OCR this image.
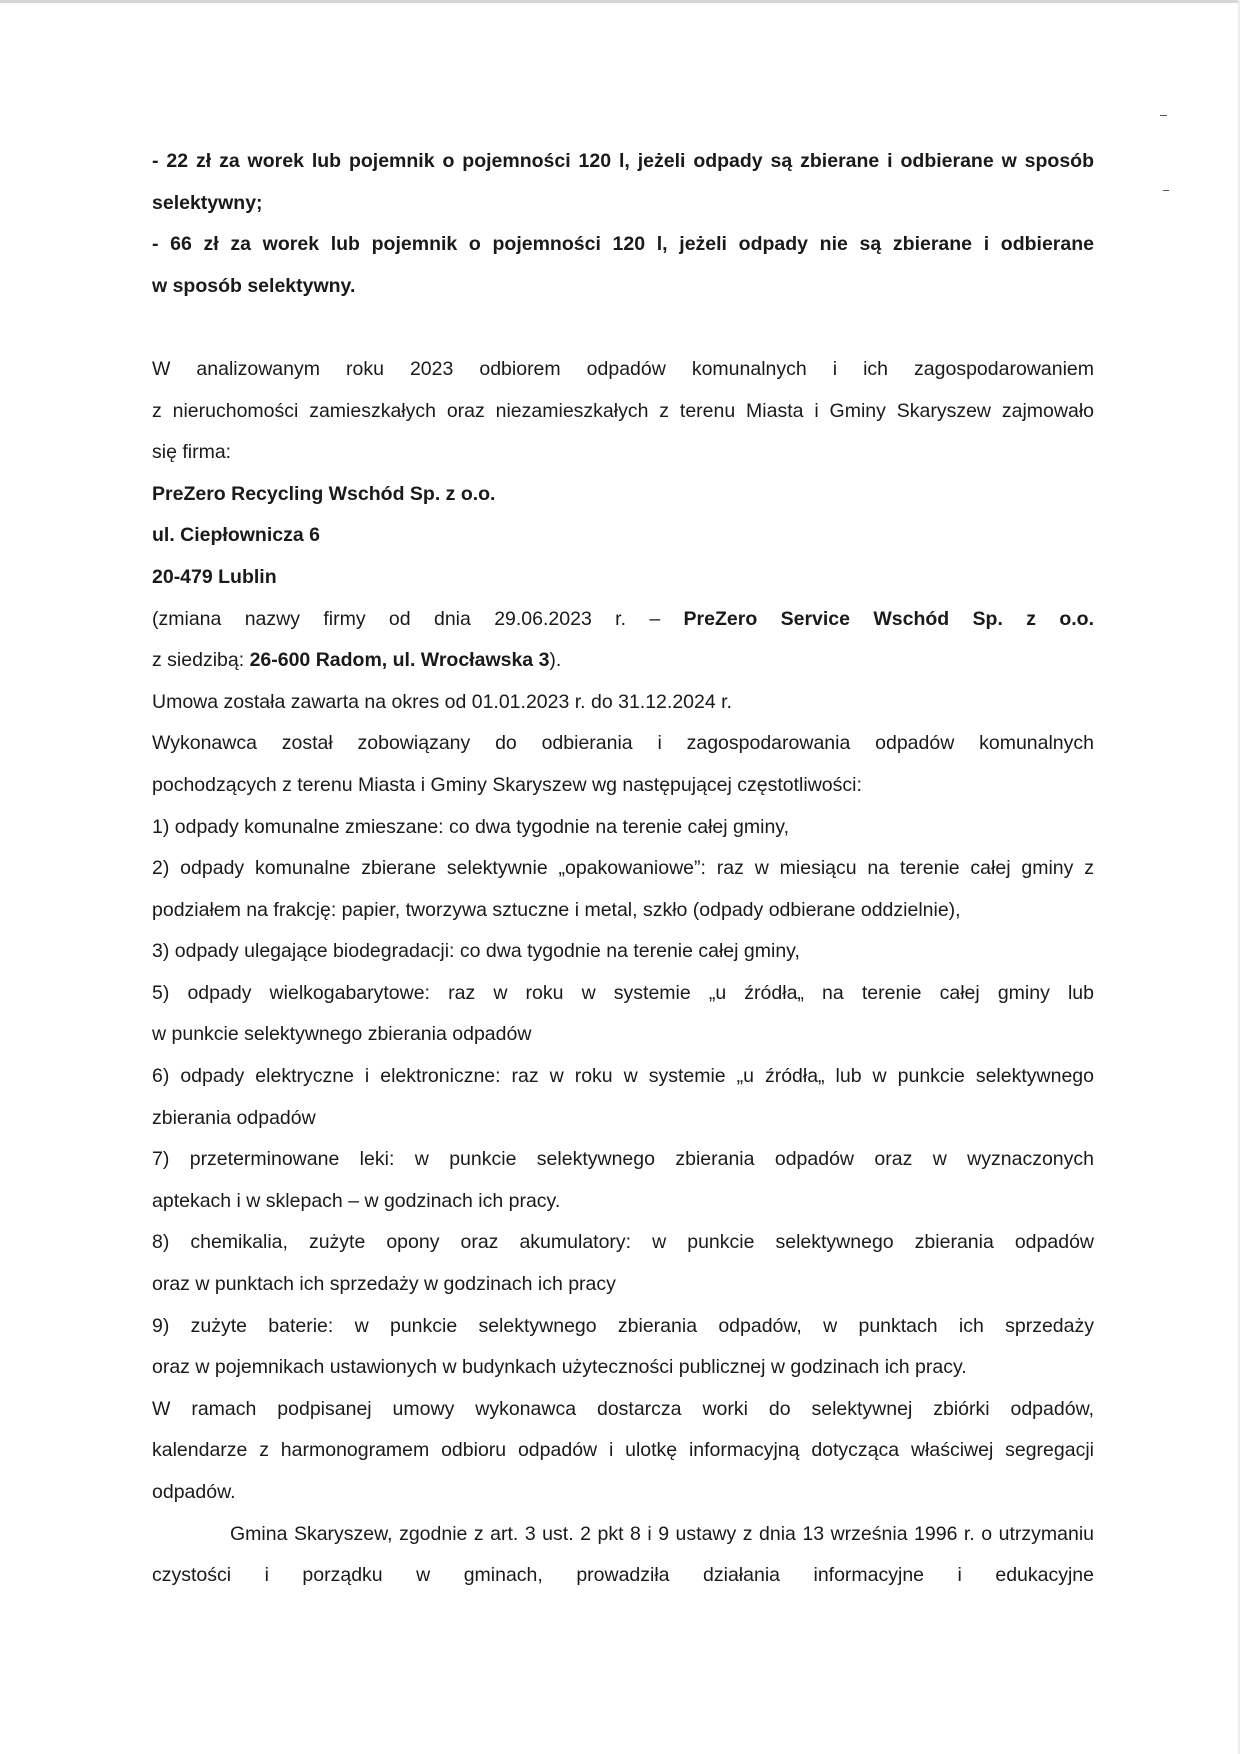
- 22 zł za worek lub pojemnik o pojemności 120 l, jeżeli odpady są zbierane i odbierane w sposób
selektywny;
- 66 zł za worek lub pojemnik o pojemności 120 l, jeżeli odpady nie są zbierane i odbierane
w sposób selektywny.
W analizowanym roku 2023 odbiorem odpadów komunalnych i ich zagospodarowaniem
z nieruchomości zamieszkałych oraz niezamieszkałych z terenu Miasta i Gminy Skaryszew zajmowało
się firma:
PreZero Recycling Wschód Sp. z o.o.
ul. Ciepłownicza 6
20-479 Lublin
(zmiana nazwy firmy od dnia 29.06.2023 r. – PreZero Service Wschód Sp. z o.o.
z siedzibą: 26-600 Radom, ul. Wrocławska 3).
Umowa została zawarta na okres od 01.01.2023 r. do 31.12.2024 r.
Wykonawca został zobowiązany do odbierania i zagospodarowania odpadów komunalnych
pochodzących z terenu Miasta i Gminy Skaryszew wg następującej częstotliwości:
1) odpady komunalne zmieszane: co dwa tygodnie na terenie całej gminy,
2) odpady komunalne zbierane selektywnie „opakowaniowe”: raz w miesiącu na terenie całej gminy z
podziałem na frakcję: papier, tworzywa sztuczne i metal, szkło (odpady odbierane oddzielnie),
3) odpady ulegające biodegradacji: co dwa tygodnie na terenie całej gminy,
5) odpady wielkogabarytowe: raz w roku w systemie „u źródła„ na terenie całej gminy lub
w punkcie selektywnego zbierania odpadów
6) odpady elektryczne i elektroniczne: raz w roku w systemie „u źródła„ lub w punkcie selektywnego
zbierania odpadów
7) przeterminowane leki: w punkcie selektywnego zbierania odpadów oraz w wyznaczonych
aptekach i w sklepach – w godzinach ich pracy.
8) chemikalia, zużyte opony oraz akumulatory: w punkcie selektywnego zbierania odpadów
oraz w punktach ich sprzedaży w godzinach ich pracy
9) zużyte baterie: w punkcie selektywnego zbierania odpadów, w punktach ich sprzedaży
oraz w pojemnikach ustawionych w budynkach użyteczności publicznej w godzinach ich pracy.
W ramach podpisanej umowy wykonawca dostarcza worki do selektywnej zbiórki odpadów,
kalendarze z harmonogramem odbioru odpadów i ulotkę informacyjną dotycząca właściwej segregacji
odpadów.
Gmina Skaryszew, zgodnie z art. 3 ust. 2 pkt 8 i 9 ustawy z dnia 13 września 1996 r. o utrzymaniu
czystości i porządku w gminach, prowadziła działania informacyjne i edukacyjne
